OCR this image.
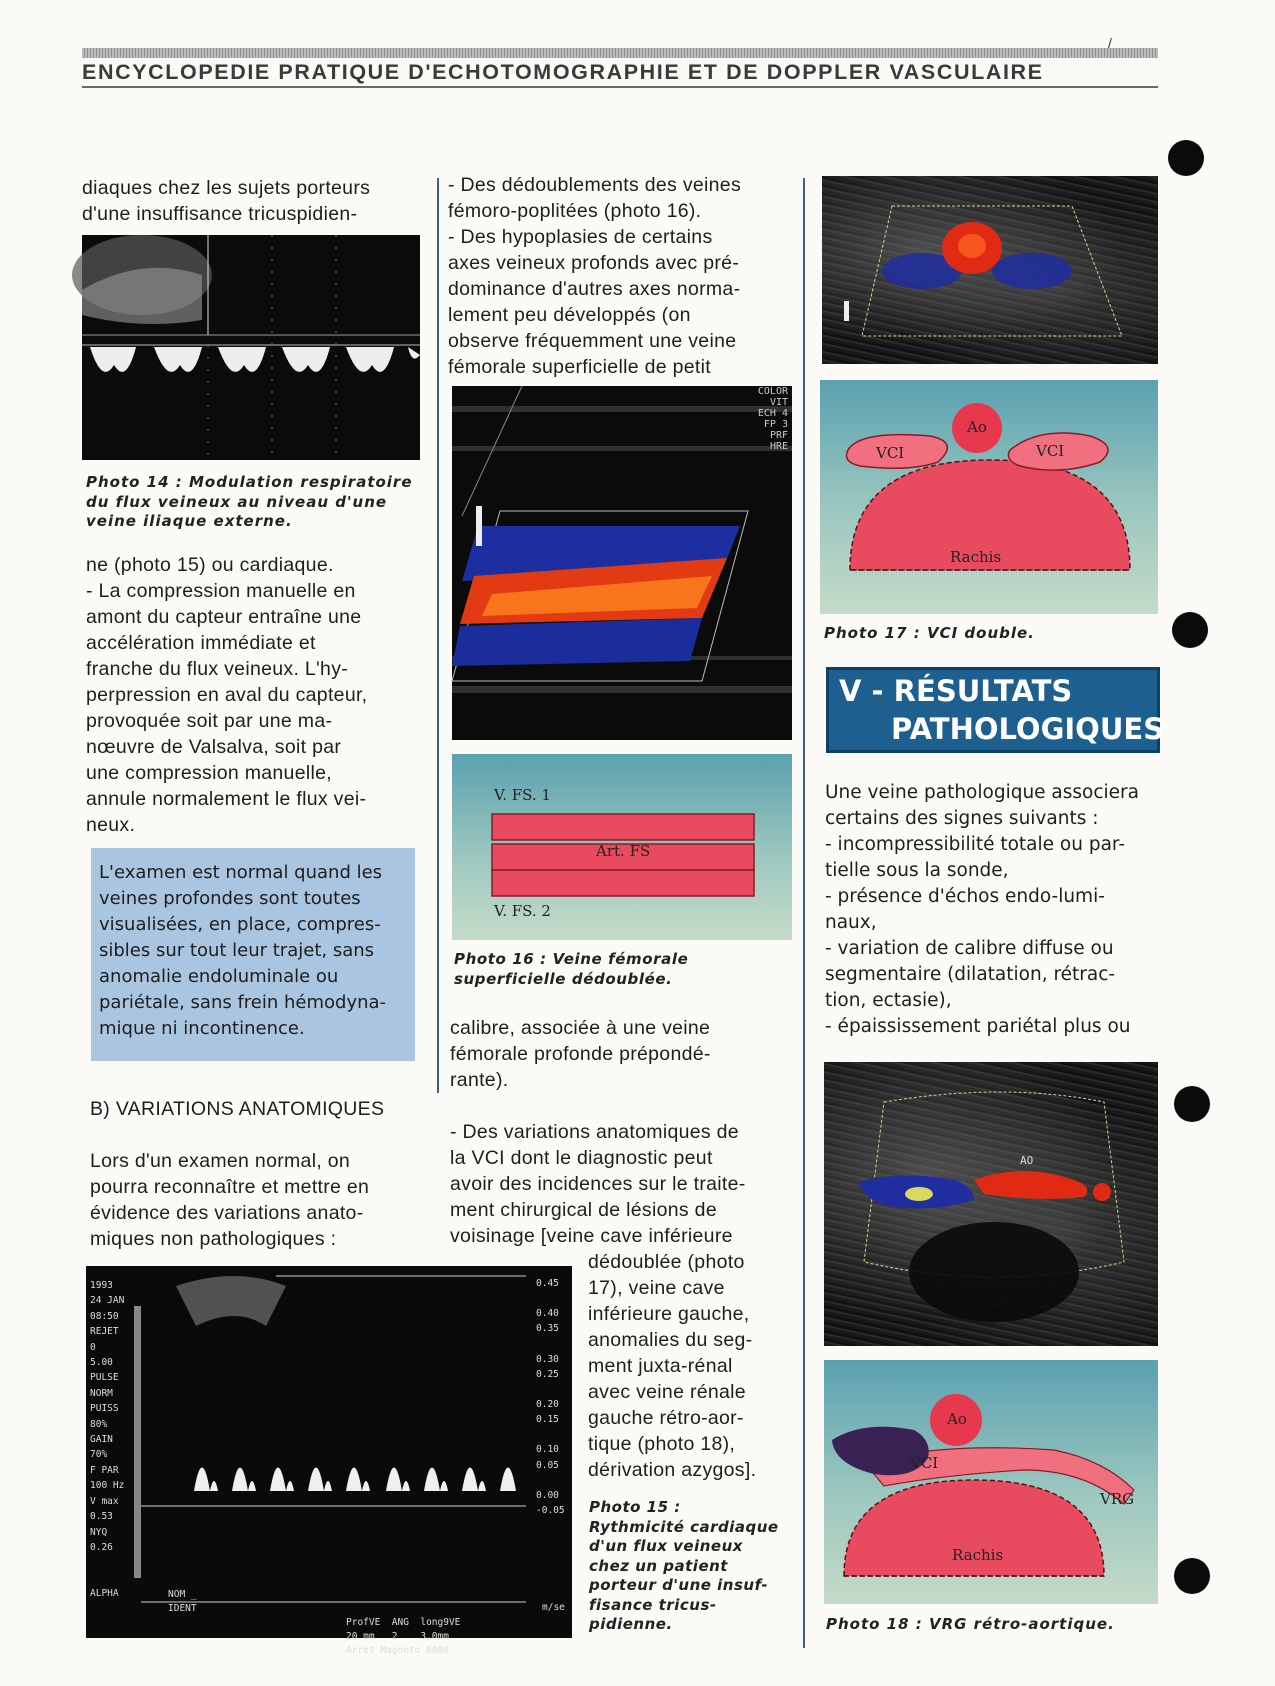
ENCYCLOPEDIE PRATIQUE D'ECHOTOMOGRAPHIE ET DE DOPPLER VASCULAIRE
/

diaques chez les sujets porteurs

d'une insuffisance tricuspidien-

Photo 14 : Modulation respiratoire
du flux veineux au niveau d'une
veine iliaque externe.

ne (photo 15) ou cardiaque.

- La compression manuelle en

amont du capteur entraîne une

accélération immédiate et

franche du flux veineux. L'hy-

perpression en aval du capteur,

provoquée soit par une ma-

nœuvre de Valsalva, soit par

une compression manuelle,

annule normalement le flux vei-

neux.

L'examen est normal quand les

veines profondes sont toutes

visualisées, en place, compres-

sibles sur tout leur trajet, sans

anomalie endoluminale ou

pariétale, sans frein hémodyna-

mique ni incontinence.

B) VARIATIONS ANATOMIQUES

Lors d'un examen normal, on

pourra reconnaître et mettre en

évidence des variations anato-

miques non pathologiques :

1993
24 JAN
08:50
REJET
0
5.00
PULSE
NORM
PUISS
80%
GAIN
70%
F PAR
100 Hz
V max
0.53
NYQ
0.26
0.45
0.40
0.35
0.30
0.25
0.20
0.15
0.10
0.05
0.00
-0.05
ALPHA	NOM _
IDENT

ProfVE  ANG  long9VE
20 mm   2    3,0mm
Arret Magneto 0000

m/se

- Des dédoublements des veines

fémoro-poplitées (photo 16).

- Des hypoplasies de certains

axes veineux profonds avec pré-

dominance d'autres axes norma-

lement peu développés (on

observe fréquemment une veine

fémorale superficielle de petit

COLOR
VIT
ECH 4
FP 3
PRF
HRE
V. FS. 1
Art. FS
V. FS. 2
Photo 16 : Veine fémorale
superficielle dédoublée.

calibre, associée à une veine

fémorale profonde prépondé-

rante).

- Des variations anatomiques de

la VCI dont le diagnostic peut

avoir des incidences sur le traite-

ment chirurgical de lésions de

voisinage [veine cave inférieure

dédoublée (photo

17), veine cave

inférieure gauche,

anomalies du seg-

ment juxta-rénal

avec veine rénale

gauche rétro-aor-

tique (photo 18),

dérivation azygos].

Photo 15 :
Rythmicité cardiaque
d'un flux veineux
chez un patient
porteur d'une insuf-
fisance tricus-
pidienne.
Ao
VCI	VCI
Rachis
Photo 17 : VCI double.
V - RÉSULTATS
PATHOLOGIQUES

Une veine pathologique associera

certains des signes suivants :

- incompressibilité totale ou par-

tielle sous la sonde,

- présence d'échos endo-lumi-

naux,

- variation de calibre diffuse ou

segmentaire (dilatation, rétrac-

tion, ectasie),

- épaississement pariétal plus ou

AO
Ao
VCI
VRG
Rachis
Photo 18 : VRG rétro-aortique.
